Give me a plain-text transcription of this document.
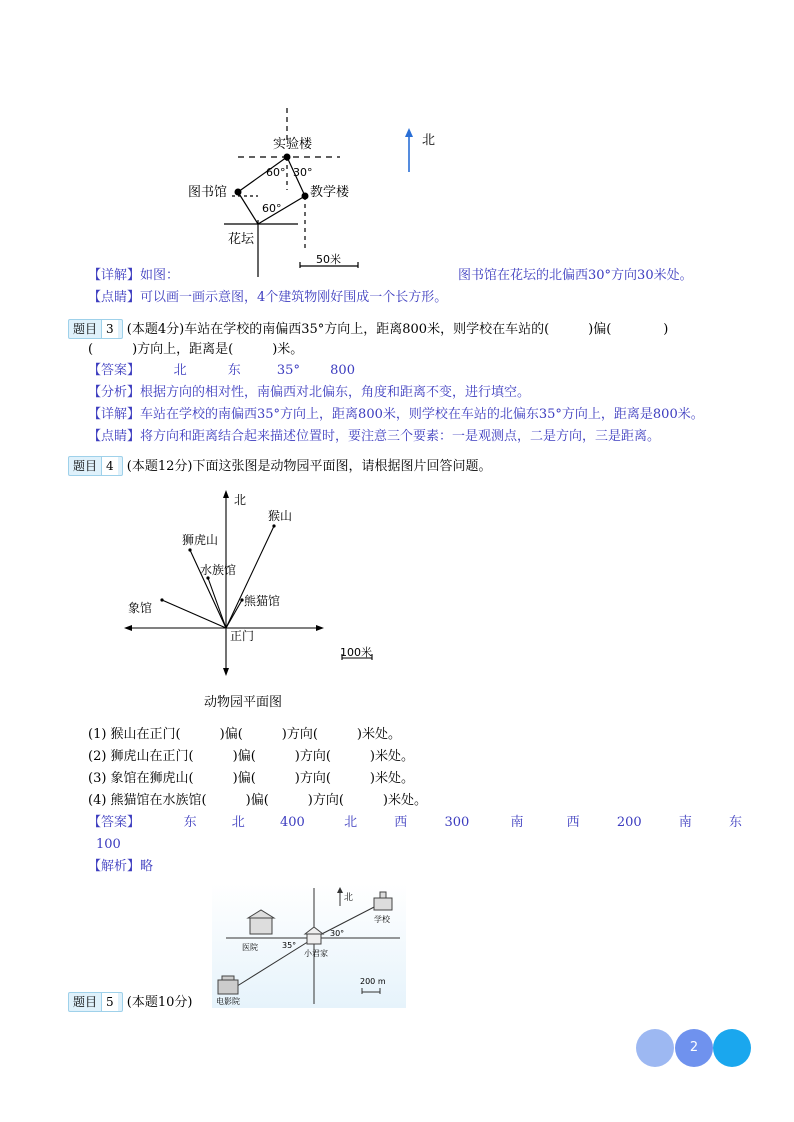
实验楼
图书馆	教学楼
花坛
60° 30°
60°
50米
北
【详解】如图：	图书馆在花坛的北偏西30°方向30米处。
【点睛】可以画一画示意图，4个建筑物刚好围成一个长方形。
题目 3 (本题4分)车站在学校的南偏西35°方向上，距离800米，则学校在车站的(　　　)偏(　　　　)
(　　　)方向上，距离是(　　　)米。
【答案】	北	东	35° 800
【分析】根据方向的相对性，南偏西对北偏东，角度和距离不变，进行填空。
【详解】车站在学校的南偏西35°方向上，距离800米，则学校在车站的北偏东35°方向上，距离是800米。
【点睛】将方向和距离结合起来描述位置时，要注意三个要素：一是观测点，二是方向，三是距离。
题目 4 (本题12分)下面这张图是动物园平面图，请根据图片回答问题。
北
猴山
狮虎山
水族馆
熊猫馆
象馆
正门
100米
动物园平面图
(1) 猴山在正门(　　　)偏(　　　)方向(　　　)米处。
(2) 狮虎山在正门(　　　)偏(　　　)方向(　　　)米处。
(3) 象馆在狮虎山(　　　)偏(　　　)方向(　　　)米处。
(4) 熊猫馆在水族馆(　　　)偏(　　　)方向(　　　)米处。
【答案】	东	北	400	北	西	300	南	西	200	南	东
100
【解析】略
北
学校
医院
小君家
电影院
35°
30°
200 m
题目 5 (本题10分)
2
